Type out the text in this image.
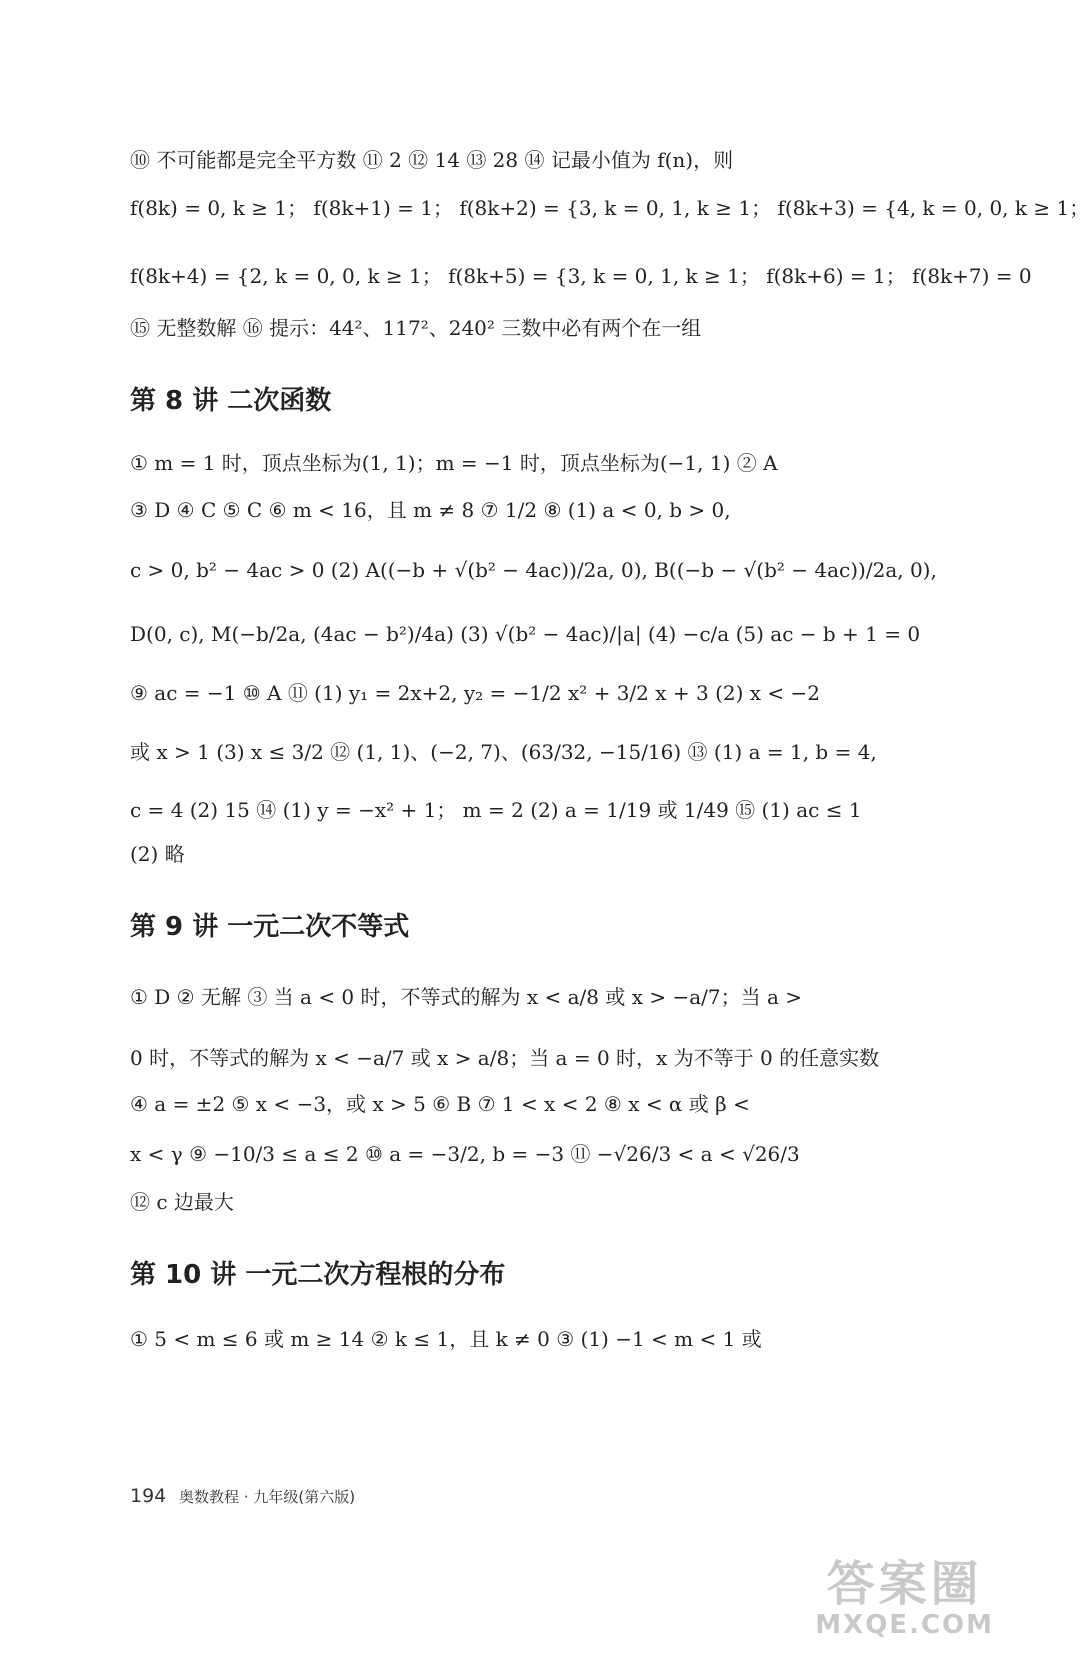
⑩ 不可能都是完全平方数 ⑪ 2 ⑫ 14 ⑬ 28 ⑭ 记最小值为 f(n)，则
f(8k) = 0, k ≥ 1； f(8k+1) = 1； f(8k+2) = {3, k = 0, 1, k ≥ 1； f(8k+3) = {4, k = 0, 0, k ≥ 1；
f(8k+4) = {2, k = 0, 0, k ≥ 1； f(8k+5) = {3, k = 0, 1, k ≥ 1； f(8k+6) = 1； f(8k+7) = 0
⑮ 无整数解 ⑯ 提示：44²、117²、240² 三数中必有两个在一组
第 8 讲 二次函数
① m = 1 时，顶点坐标为(1, 1)；m = −1 时，顶点坐标为(−1, 1) ② A
③ D ④ C ⑤ C ⑥ m < 16，且 m ≠ 8 ⑦ 1/2 ⑧ (1) a < 0, b > 0,
c > 0, b² − 4ac > 0 (2) A((−b + √(b² − 4ac))/2a, 0), B((−b − √(b² − 4ac))/2a, 0),
D(0, c), M(−b/2a, (4ac − b²)/4a) (3) √(b² − 4ac)/|a| (4) −c/a (5) ac − b + 1 = 0
⑨ ac = −1 ⑩ A ⑪ (1) y₁ = 2x+2, y₂ = −1/2 x² + 3/2 x + 3 (2) x < −2
或 x > 1 (3) x ≤ 3/2 ⑫ (1, 1)、(−2, 7)、(63/32, −15/16) ⑬ (1) a = 1, b = 4,
c = 4 (2) 15 ⑭ (1) y = −x² + 1； m = 2 (2) a = 1/19 或 1/49 ⑮ (1) ac ≤ 1
(2) 略
第 9 讲 一元二次不等式
① D ② 无解 ③ 当 a < 0 时，不等式的解为 x < a/8 或 x > −a/7；当 a >
0 时，不等式的解为 x < −a/7 或 x > a/8；当 a = 0 时，x 为不等于 0 的任意实数
④ a = ±2 ⑤ x < −3，或 x > 5 ⑥ B ⑦ 1 < x < 2 ⑧ x < α 或 β <
x < γ ⑨ −10/3 ≤ a ≤ 2 ⑩ a = −3/2, b = −3 ⑪ −√26/3 < a < √26/3
⑫ c 边最大
第 10 讲 一元二次方程根的分布
① 5 < m ≤ 6 或 m ≥ 14 ② k ≤ 1，且 k ≠ 0 ③ (1) −1 < m < 1 或
194 奥数教程 · 九年级(第六版)
答案圈
MXQE.COM
